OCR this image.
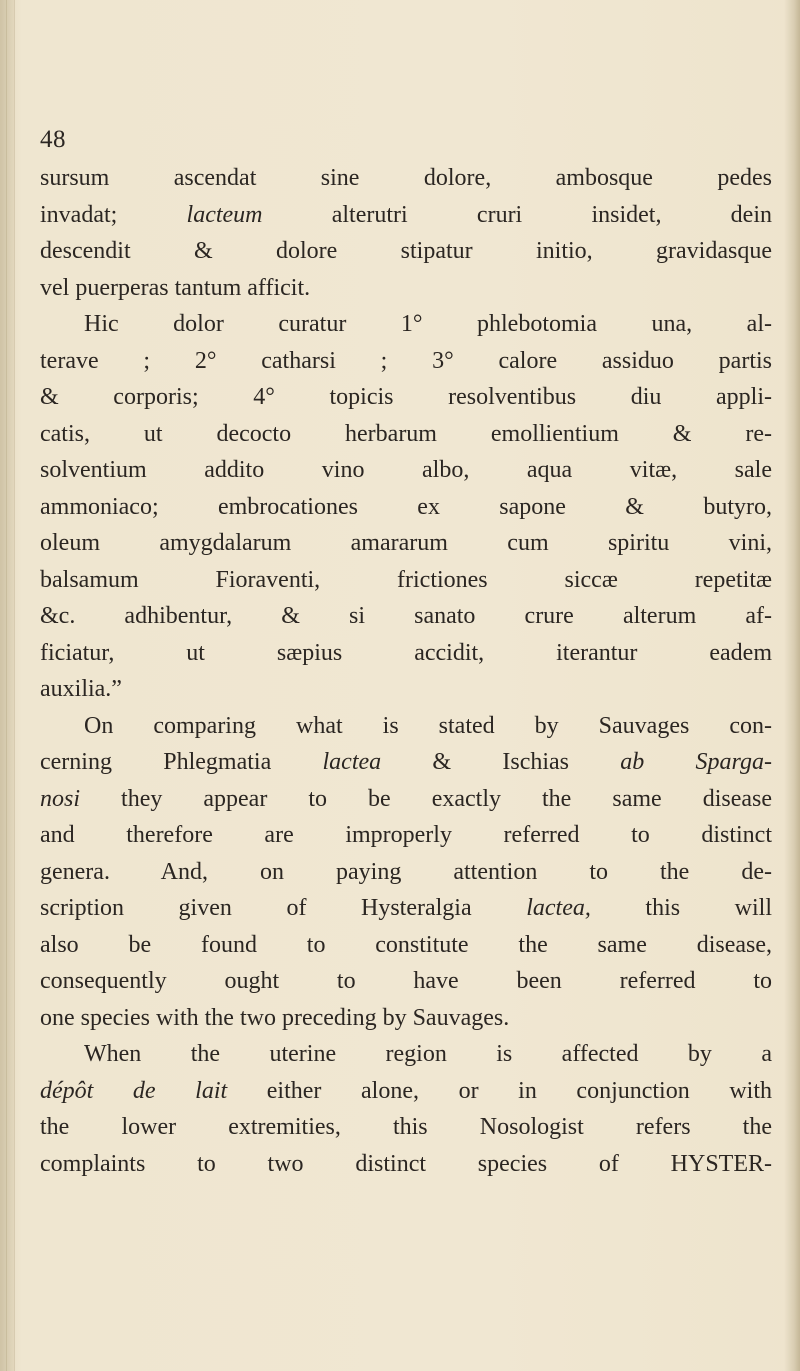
48
sursum ascendat sine dolore, ambosque pedes
invadat; lacteum alterutri cruri insidet, dein
descendit & dolore stipatur initio, gravidasque
vel puerperas tantum afficit.
Hic dolor curatur 1° phlebotomia una, al-
terave ; 2° catharsi ; 3° calore assiduo partis
& corporis; 4° topicis resolventibus diu appli-
catis, ut decocto herbarum emollientium & re-
solventium addito vino albo, aqua vitæ, sale
ammoniaco; embrocationes ex sapone & butyro,
oleum amygdalarum amararum cum spiritu vini,
balsamum Fioraventi, frictiones siccæ repetitæ
&c. adhibentur, & si sanato crure alterum af-
ficiatur, ut sæpius accidit, iterantur eadem
auxilia.”
On comparing what is stated by Sauvages con-
cerning Phlegmatia lactea & Ischias ab Sparga-
nosi they appear to be exactly the same disease
and therefore are improperly referred to distinct
genera. And, on paying attention to the de-
scription given of Hysteralgia lactea, this will
also be found to constitute the same disease,
consequently ought to have been referred to
one species with the two preceding by Sauvages.
When the uterine region is affected by a
dépôt de lait either alone, or in conjunction with
the lower extremities, this Nosologist refers the
complaints to two distinct species of HYSTER-
